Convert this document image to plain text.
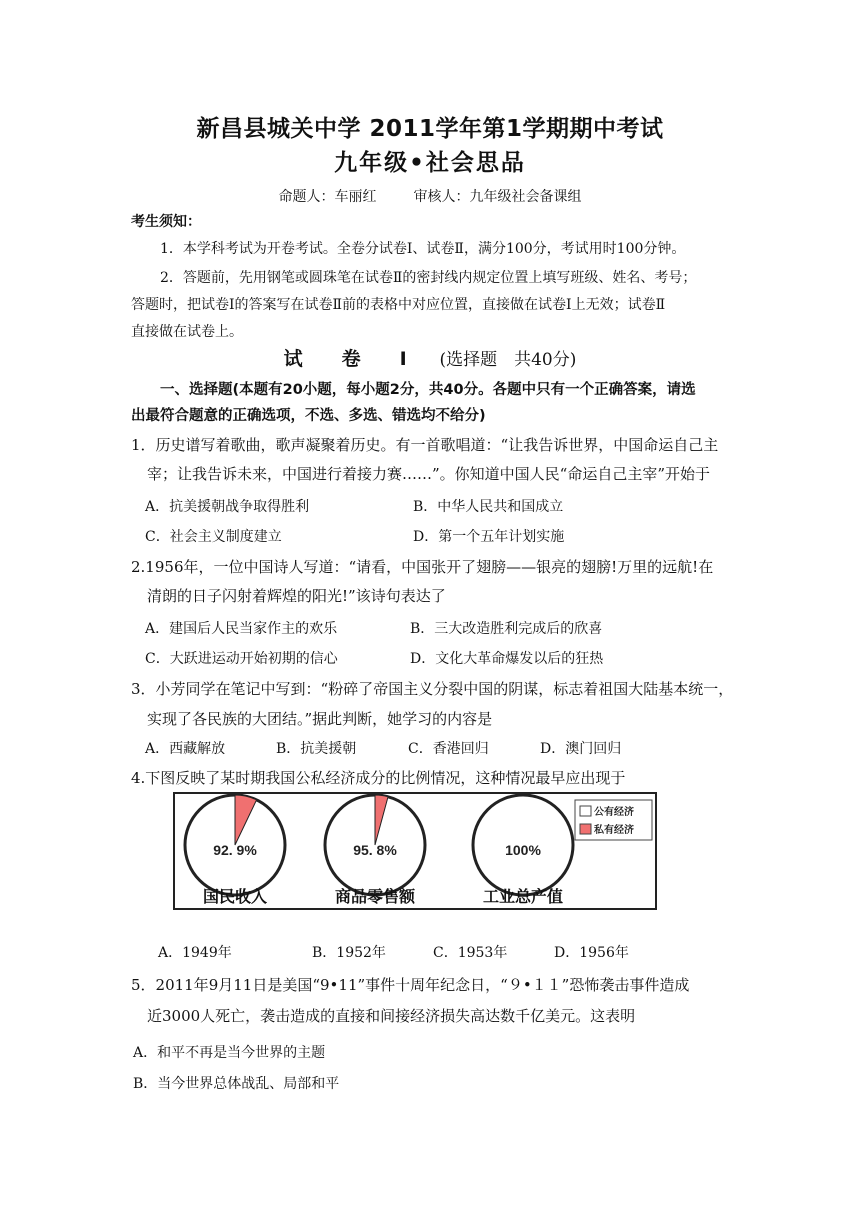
新昌县城关中学 2011学年第1学期期中考试
九年级•社会思品
命题人：车丽红	审核人：九年级社会备课组
考生须知：
1．本学科考试为开卷考试。全卷分试卷Ⅰ、试卷Ⅱ，满分100分，考试用时100分钟。
2．答题前，先用钢笔或圆珠笔在试卷Ⅱ的密封线内规定位置上填写班级、姓名、考号；
答题时，把试卷Ⅰ的答案写在试卷Ⅱ前的表格中对应位置，直接做在试卷Ⅰ上无效；试卷Ⅱ
直接做在试卷上。
试　卷　Ⅰ (选择题　共40分)
一、选择题(本题有20小题，每小题2分，共40分。各题中只有一个正确答案，请选
出最符合题意的正确选项，不选、多选、错选均不给分)
1．历史谱写着歌曲，歌声凝聚着历史。有一首歌唱道：“让我告诉世界，中国命运自己主
宰；让我告诉未来，中国进行着接力赛……”。你知道中国人民“命运自己主宰”开始于
A．抗美援朝战争取得胜利	B．中华人民共和国成立
C．社会主义制度建立	D．第一个五年计划实施
2.1956年，一位中国诗人写道：“请看，中国张开了翅膀——银亮的翅膀!万里的远航!在
清朗的日子闪射着辉煌的阳光!”该诗句表达了
A．建国后人民当家作主的欢乐	B．三大改造胜利完成后的欣喜
C．大跃进运动开始初期的信心	D．文化大革命爆发以后的狂热
3．小芳同学在笔记中写到：“粉碎了帝国主义分裂中国的阴谋，标志着祖国大陆基本统一，
实现了各民族的大团结。”据此判断，她学习的内容是
A．西藏解放	B．抗美援朝	C．香港回归	D．澳门回归
4.下图反映了某时期我国公私经济成分的比例情况，这种情况最早应出现于
92. 9%
国民收入
95. 8%
商品零售额
100%
工业总产值
公有经济
私有经济
A．1949年	B．1952年	C．1953年	D．1956年
5．2011年9月11日是美国“9•11”事件十周年纪念日，“９•１１”恐怖袭击事件造成
近3000人死亡，袭击造成的直接和间接经济损失高达数千亿美元。这表明
A．和平不再是当今世界的主题
B．当今世界总体战乱、局部和平
